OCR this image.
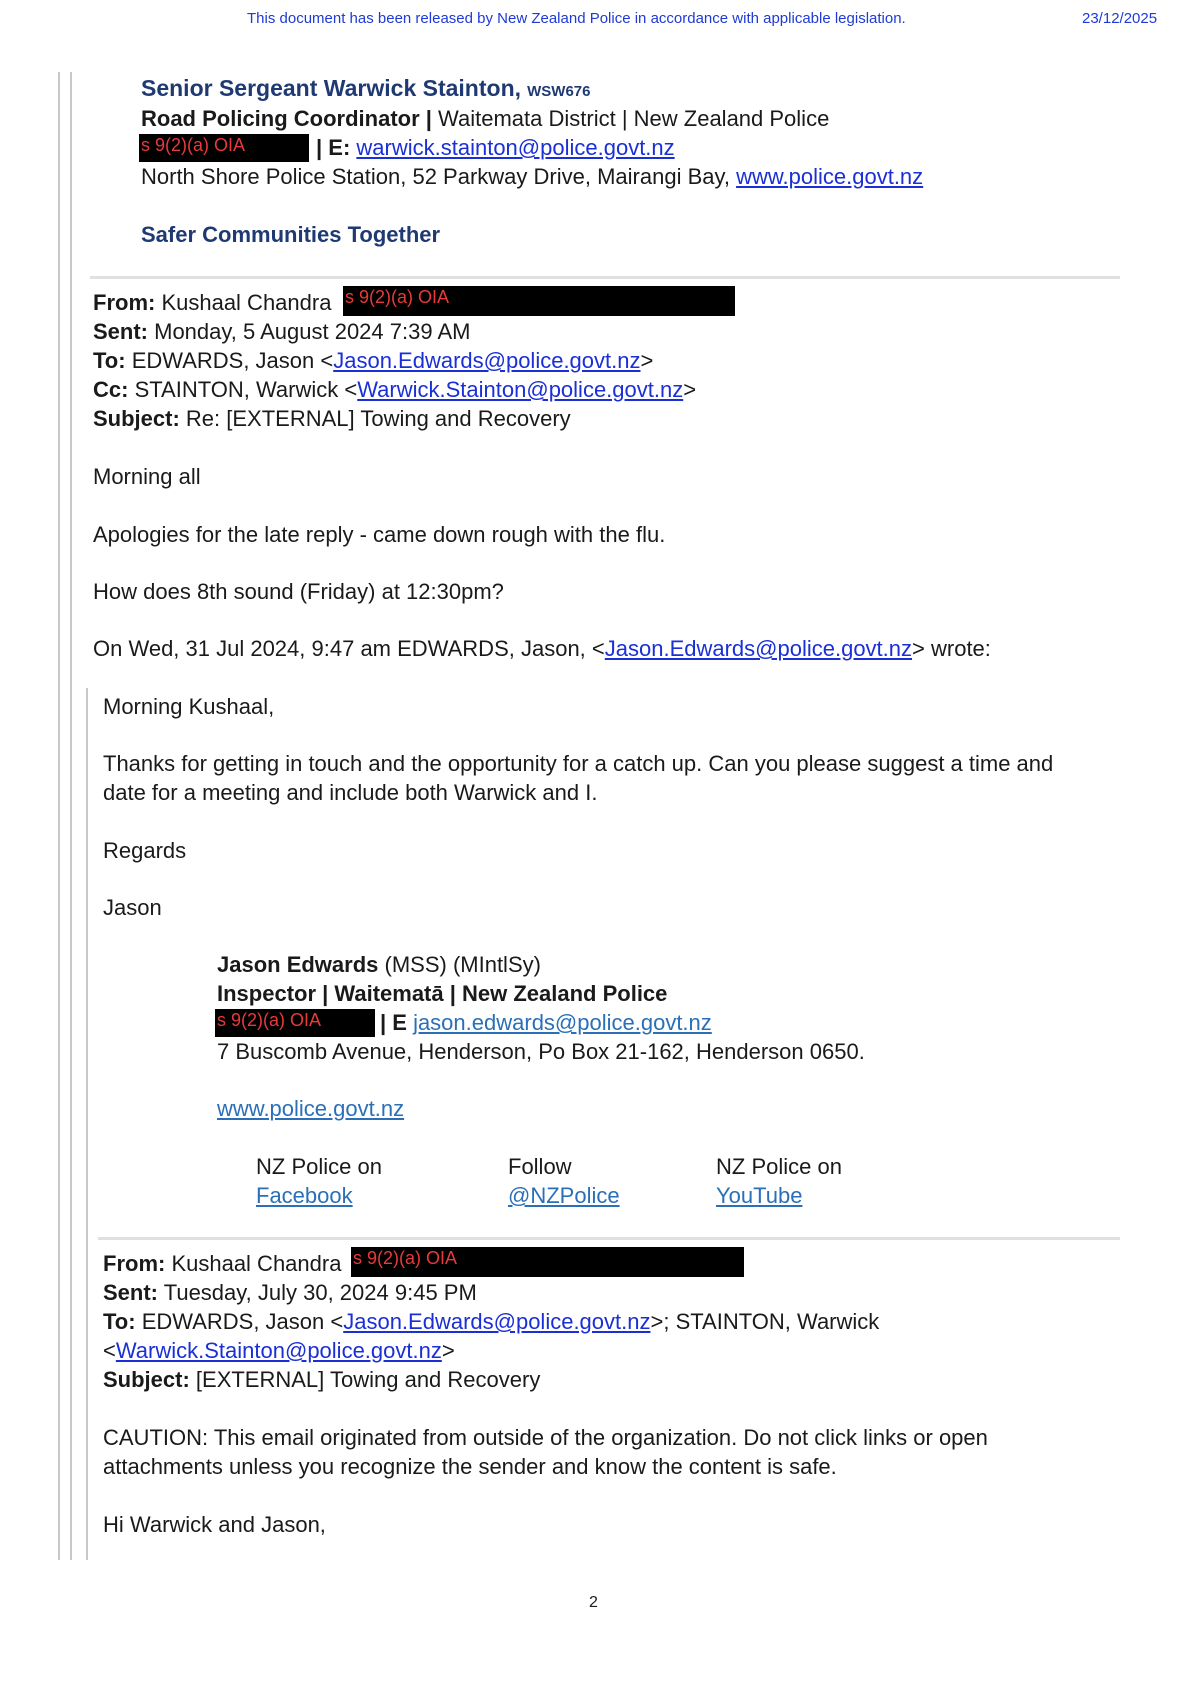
This document has been released by New Zealand Police in accordance with applicable legislation.	23/12/2025
Senior Sergeant Warwick Stainton, WSW676
Road Policing Coordinator | Waitemata District | New Zealand Police
s 9(2)(a) OIA	| E: warwick.stainton@police.govt.nz
North Shore Police Station, 52 Parkway Drive, Mairangi Bay, www.police.govt.nz
Safer Communities Together
From: Kushaal Chandra s 9(2)(a) OIA
Sent: Monday, 5 August 2024 7:39 AM
To: EDWARDS, Jason <Jason.Edwards@police.govt.nz>
Cc: STAINTON, Warwick <Warwick.Stainton@police.govt.nz>
Subject: Re: [EXTERNAL] Towing and Recovery
Morning all
Apologies for the late reply - came down rough with the flu.
How does 8th sound (Friday) at 12:30pm?
On Wed, 31 Jul 2024, 9:47 am EDWARDS, Jason, <Jason.Edwards@police.govt.nz> wrote:
Morning Kushaal,
Thanks for getting in touch and the opportunity for a catch up. Can you please suggest a time and
date for a meeting and include both Warwick and I.
Regards
Jason
Jason Edwards (MSS) (MIntlSy)
Inspector | Waitematā | New Zealand Police
s 9(2)(a) OIA	| E jason.edwards@police.govt.nz
7 Buscomb Avenue, Henderson, Po Box 21-162, Henderson 0650.
www.police.govt.nz
NZ Police on
Facebook
Follow
@NZPolice
NZ Police on
YouTube
From: Kushaal Chandra s 9(2)(a) OIA
Sent: Tuesday, July 30, 2024 9:45 PM
To: EDWARDS, Jason <Jason.Edwards@police.govt.nz>; STAINTON, Warwick
<Warwick.Stainton@police.govt.nz>
Subject: [EXTERNAL] Towing and Recovery
CAUTION: This email originated from outside of the organization. Do not click links or open
attachments unless you recognize the sender and know the content is safe.
Hi Warwick and Jason,
2
